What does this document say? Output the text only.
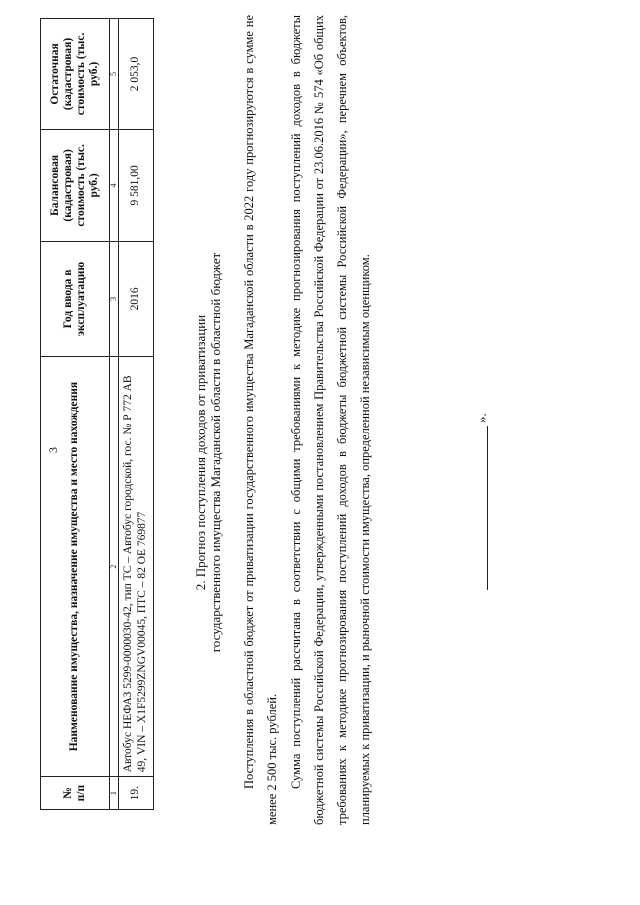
3
№ п/п	Наименование имущества, назначение имущества и место нахождения	Год ввода в эксплуатацию	Балансовая (кадастровая) стоимость (тыс. руб.)	Остаточная (кадастровая) стоимость (тыс. руб.)
1	2	3	4	5
19.	Автобус НЕФАЗ 5299-0000030-42, тип ТС – Автобус городской, гос. № Р 772 АВ 49, VIN – X1F5299ZNGV00045, ПТС – 82 ОЕ 769877	2016	9 581,00	2 053,0
2. Прогноз поступления доходов от приватизации государственного имущества Магаданской области в областной бюджет	Поступления в областной бюджет от приватизации государственного имущества Магаданской области в 2022 году прогнозируются в сумме не менее 2 500 тыс. рублей. Сумма поступлений рассчитана в соответствии с общими требованиями к методике прогнозирования поступлений доходов в бюджеты бюджетной системы Российской Федерации, утвержденными постановлением Правительства Российской Федерации от 23.06.2016 № 574 «Об общих требованиях к методике прогнозирования поступлений доходов в бюджеты бюджетной системы Российской Федерации», перечнем объектов, планируемых к приватизации, и рыночной стоимости имущества, определенной независимым оценщиком.	».
